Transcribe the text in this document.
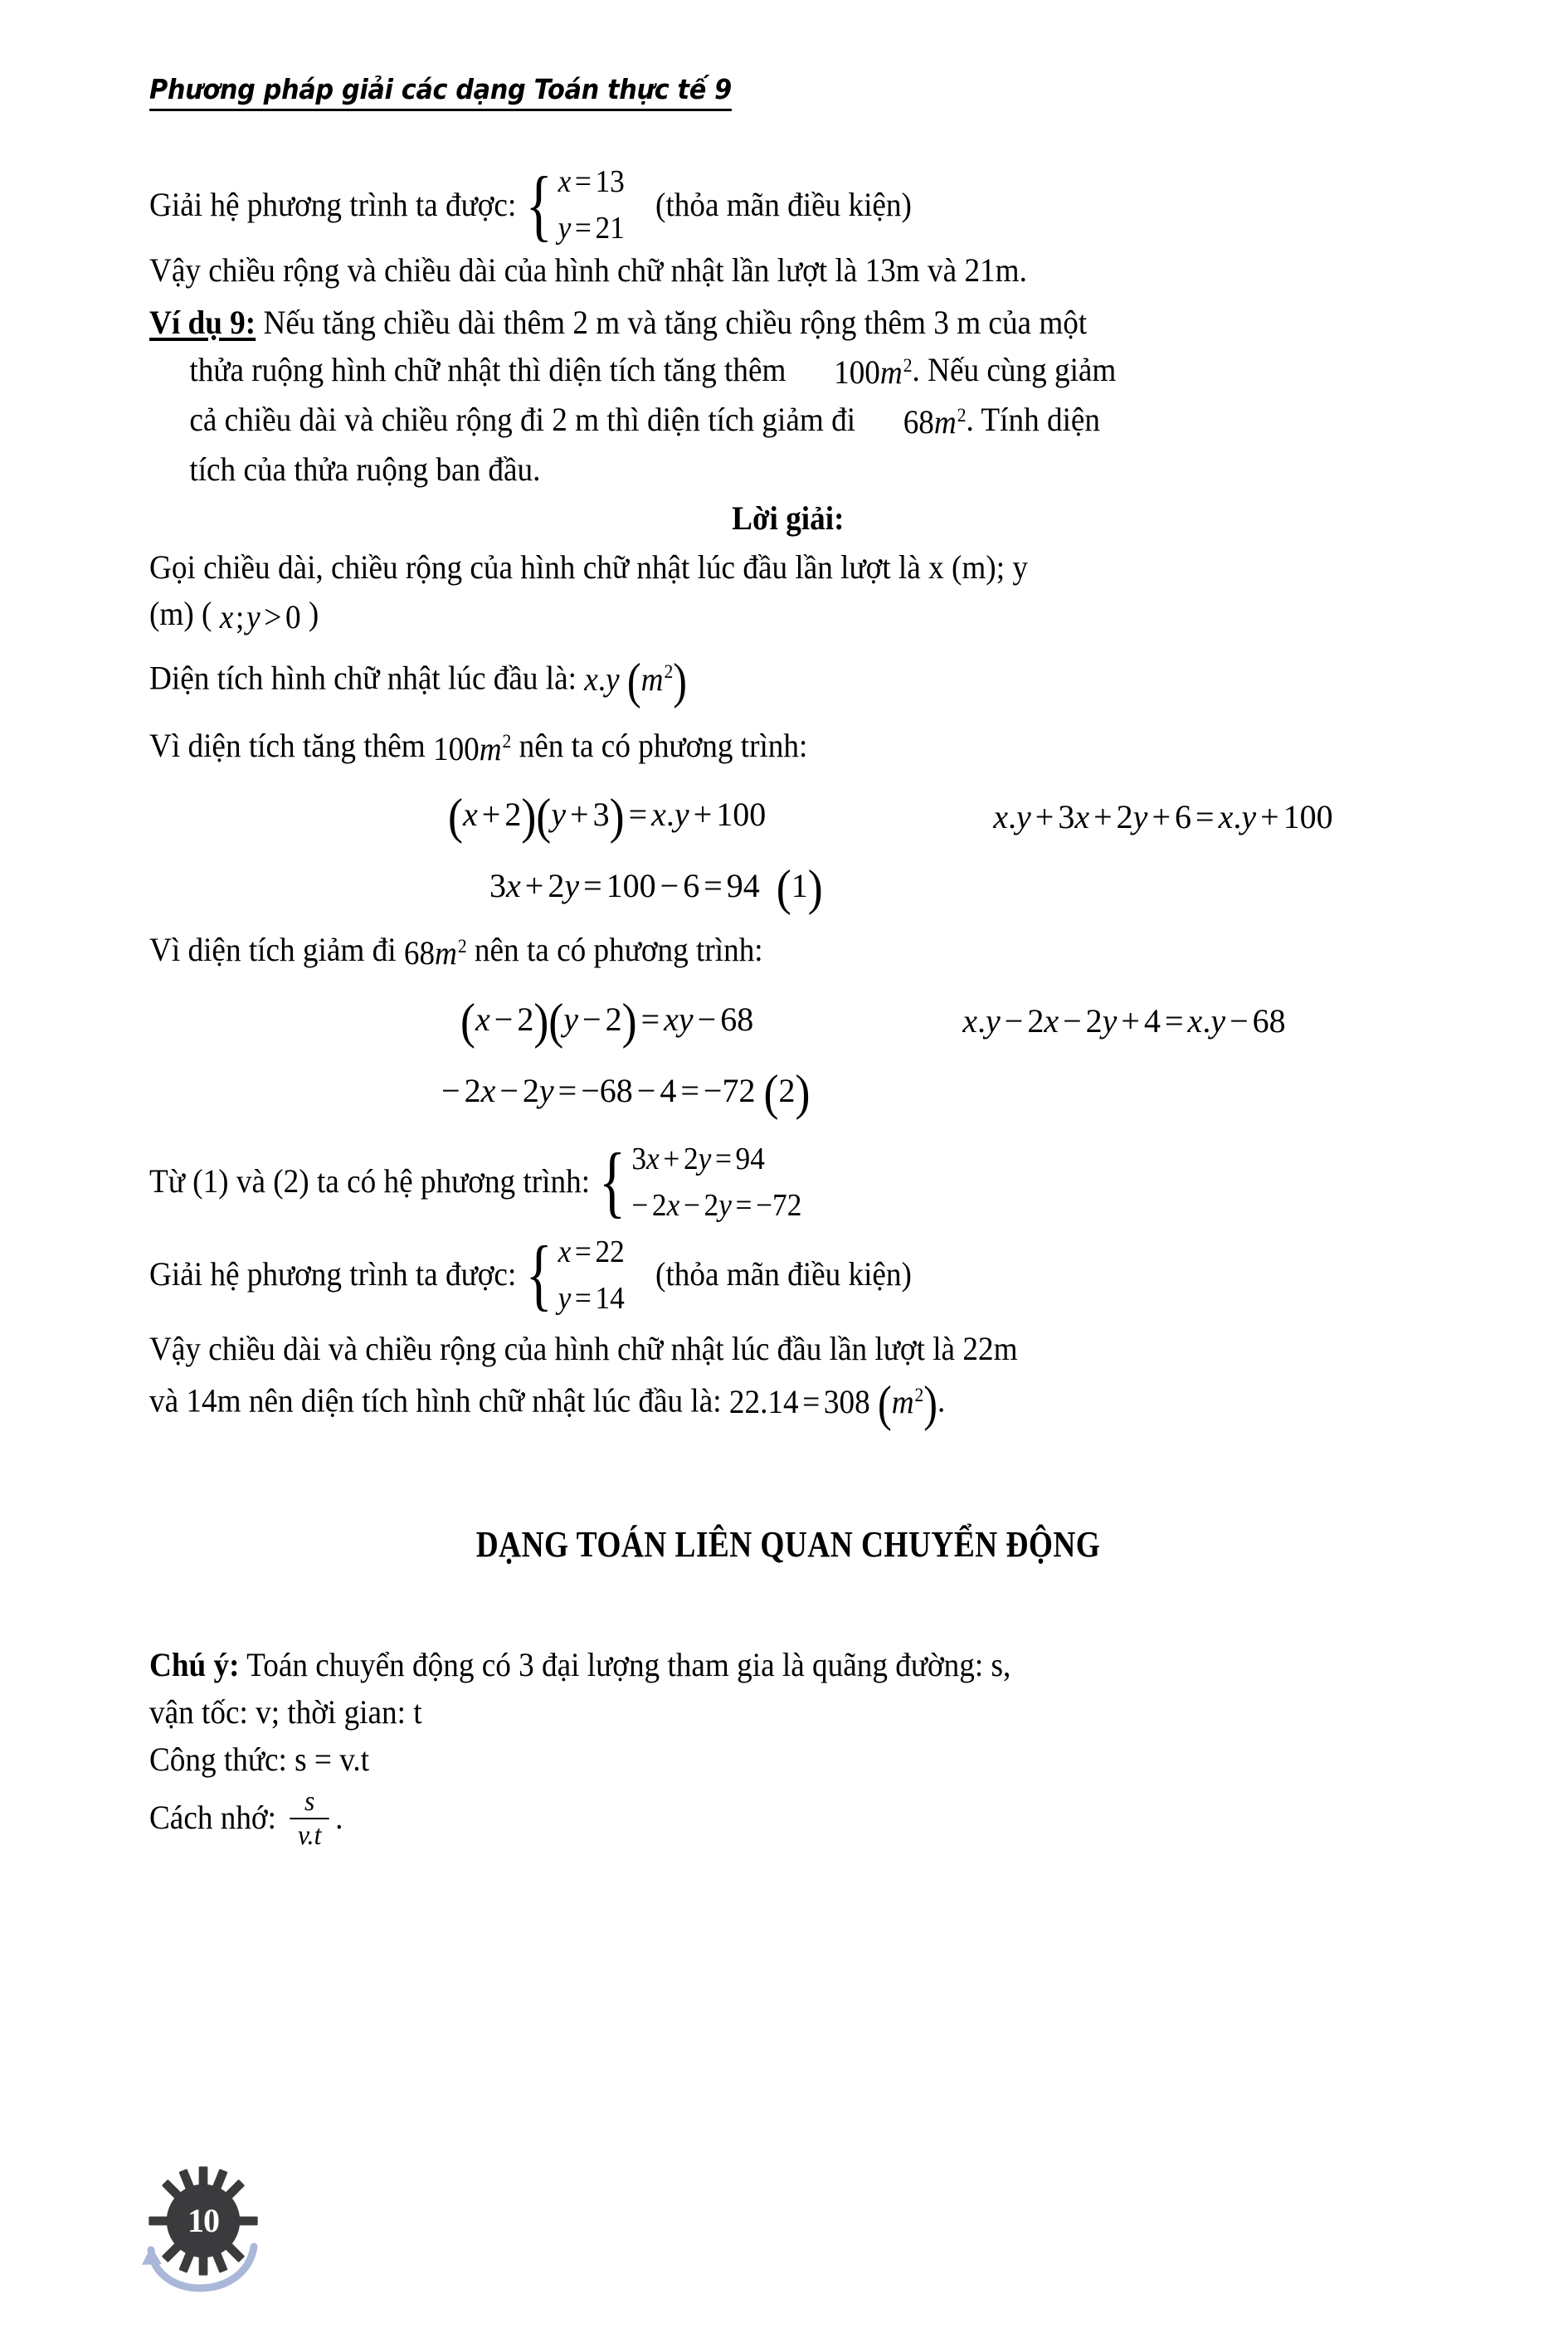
Phương pháp giải các dạng Toán thực tế 9
Giải hệ phương trình ta được: { x = 13
y = 21
(thỏa mãn điều kiện)

Vậy chiều rộng và chiều dài của hình chữ nhật lần lượt là 13m và 21m.

Ví dụ 9: Nếu tăng chiều dài thêm 2 m và tăng chiều rộng thêm 3 m của một

thửa ruộng hình chữ nhật thì diện tích tăng thêm $100m^2$. Nếu cùng giảm

cả chiều dài và chiều rộng đi 2 m thì diện tích giảm đi $68m^2$. Tính diện

tích của thửa ruộng ban đầu.

Lời giải:

Gọi chiều dài, chiều rộng của hình chữ nhật lúc đầu lần lượt là x (m); y

(m) ( x;y > 0 )

Diện tích hình chữ nhật lúc đầu là: x.y $(m^2)$

Vì diện tích tăng thêm $100m^2$ nên ta có phương trình:

(x + 2)(y + 3) = x.y + 100	x.y + 3x + 2y + 6 = x.y + 100 3x + 2y = 100 − 6 = 94 (1)

Vì diện tích giảm đi $68m^2$ nên ta có phương trình:

(x − 2)(y − 2) = xy − 68	x.y − 2x − 2y + 4 = x.y − 68 − 2x − 2y = −68 − 4 = −72 (2)
Từ (1) và (2) ta có hệ phương trình: { 3x + 2y = 94
− 2x − 2y = −72
Giải hệ phương trình ta được: { x = 22
y = 14
(thỏa mãn điều kiện)

Vậy chiều dài và chiều rộng của hình chữ nhật lúc đầu lần lượt là 22m

và 14m nên diện tích hình chữ nhật lúc đầu là: 22.14 = 308 $(m^2)$.

DẠNG TOÁN LIÊN QUAN CHUYỂN ĐỘNG

Chú ý: Toán chuyển động có 3 đại lượng tham gia là quãng đường: s,

vận tốc: v; thời gian: t

Công thức: s = v.t

Cách nhớ: $\frac{s}{v.t}$ .

10
